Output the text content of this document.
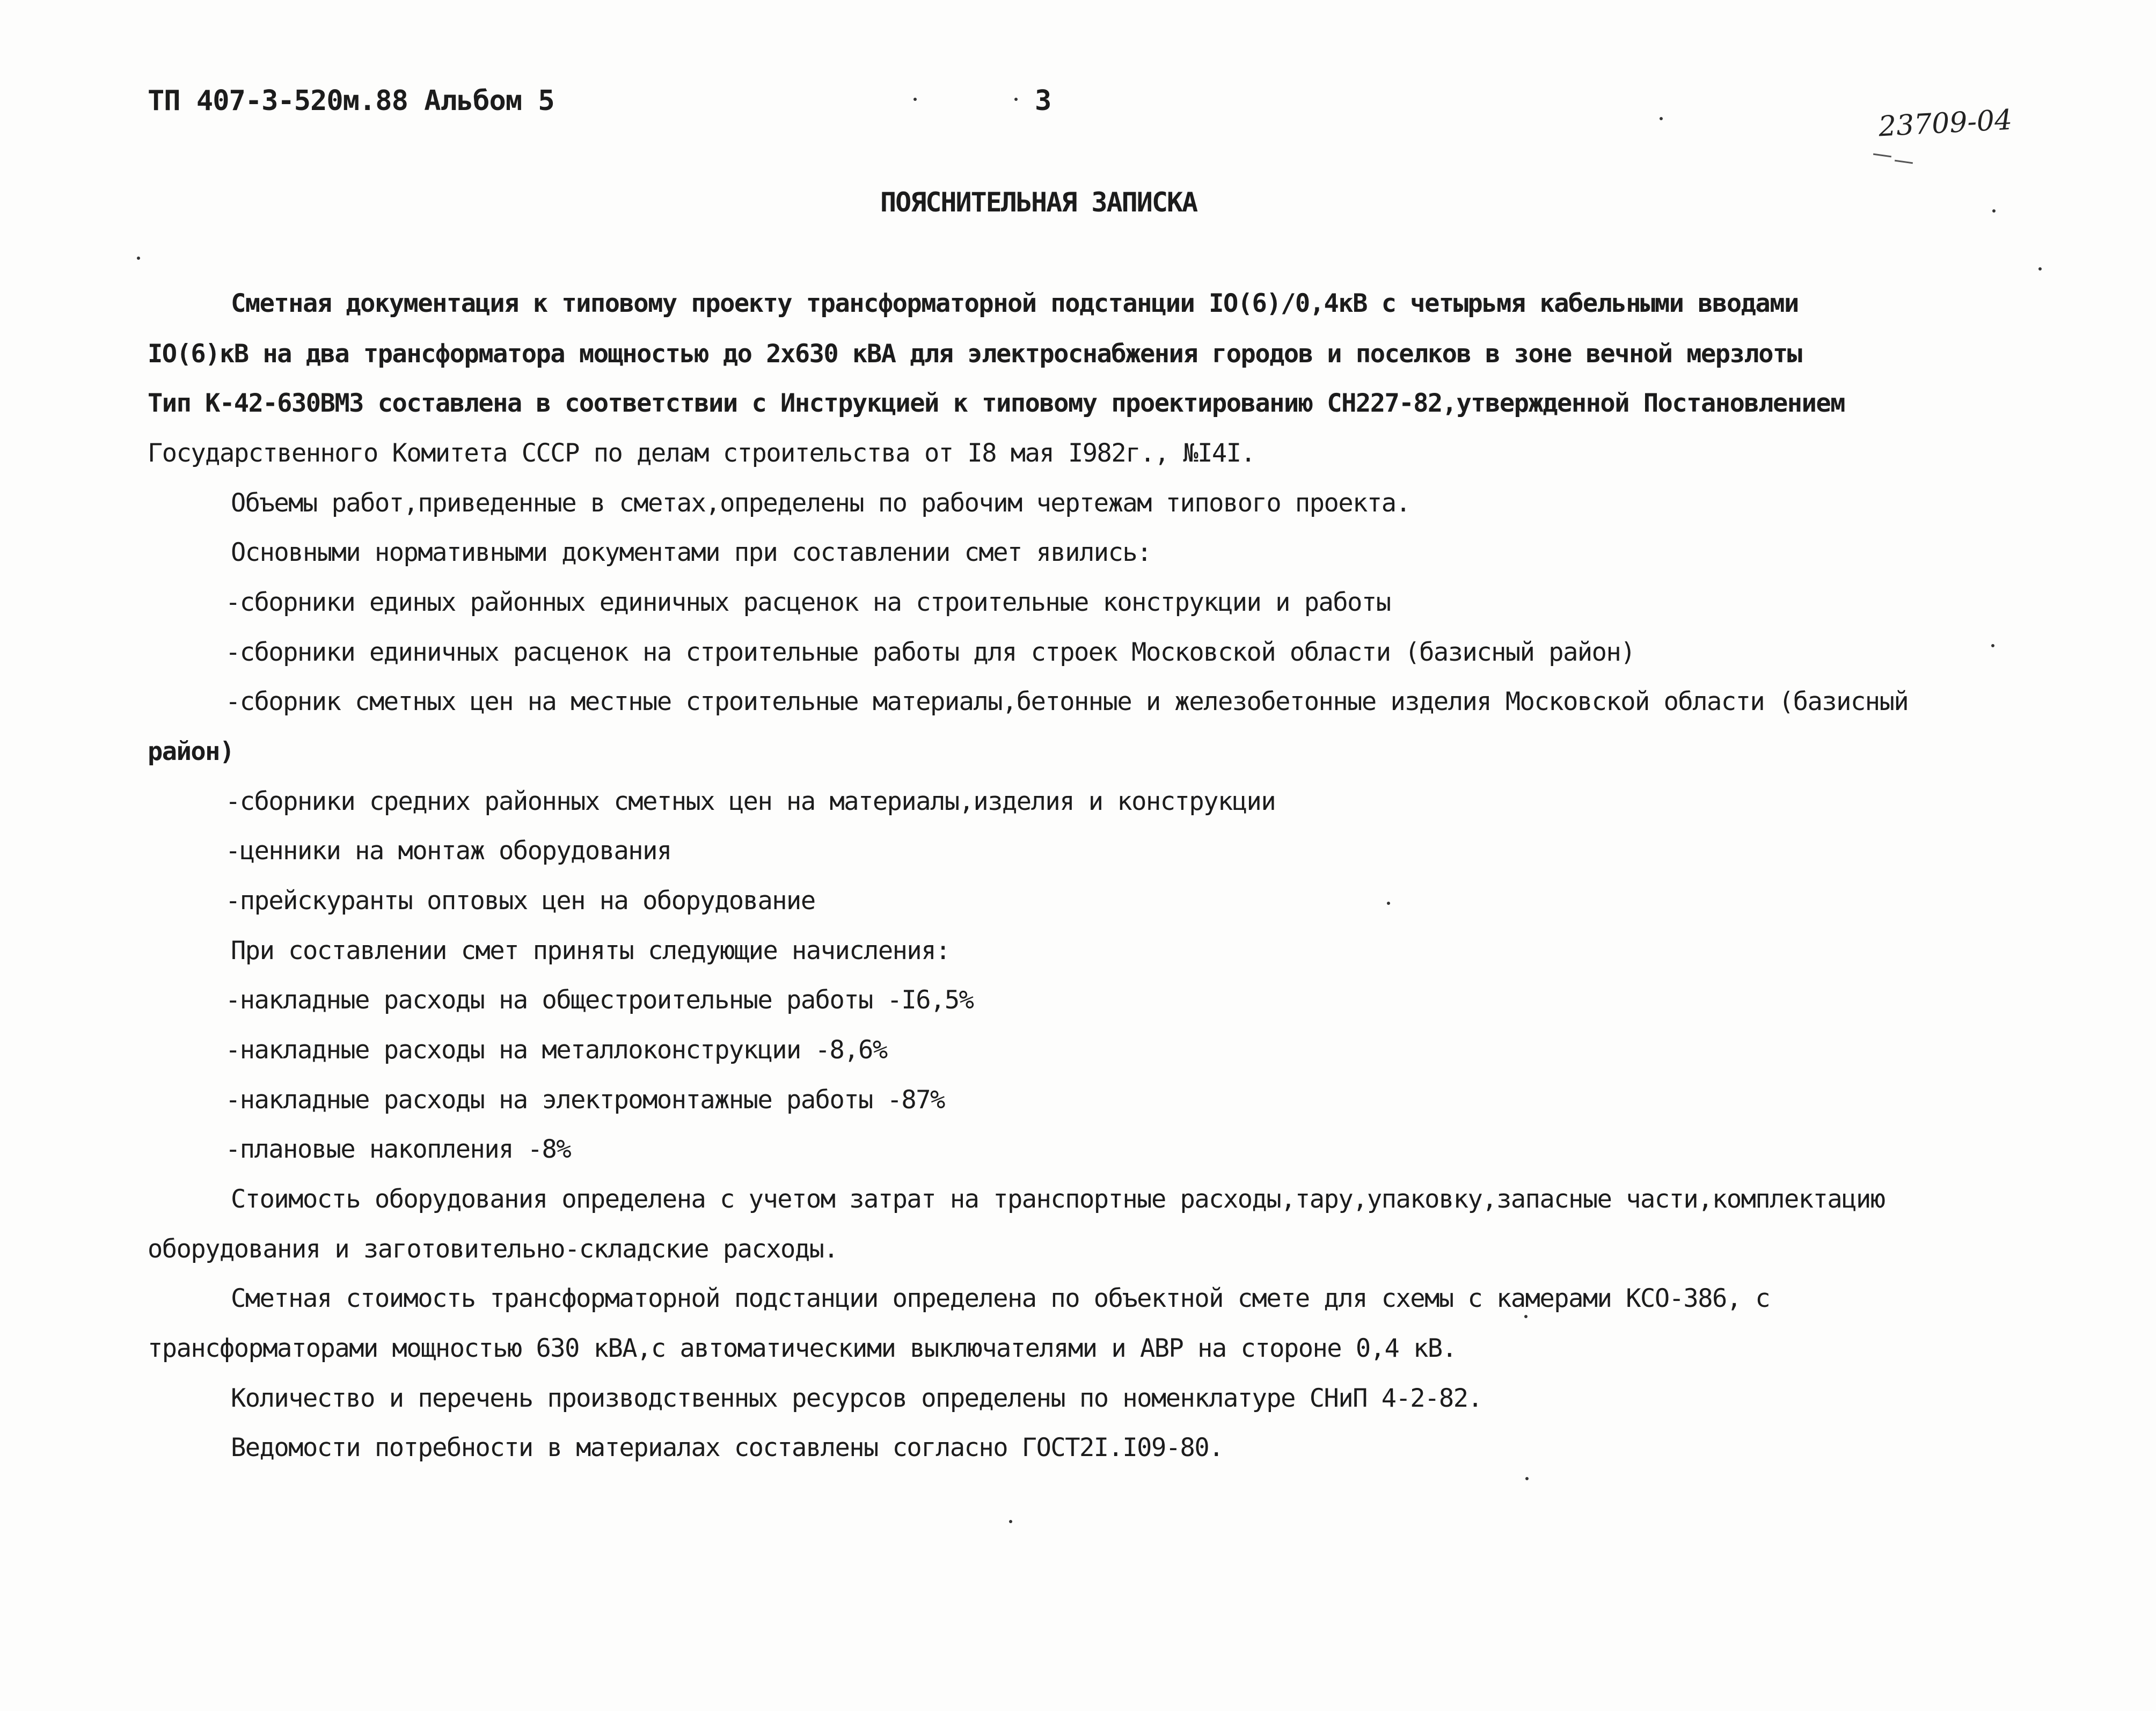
ТП 407-3-520м.88 Альбом 5	3
23709-04
ПОЯСНИТЕЛЬНАЯ ЗАПИСКА
Сметная документация к типовому проекту трансформаторной подстанции IO(6)/0,4кВ с четырьмя кабельными вводами
IO(6)кВ на два трансформатора мощностью до 2х630 кВА для электроснабжения городов и поселков в зоне вечной мерзлоты
Тип К-42-630ВМЗ составлена в соответствии с Инструкцией к типовому проектированию СН227-82,утвержденной Постановлением
Государственного Комитета СССР по делам строительства от I8 мая I982г., №I4I.
Объемы работ,приведенные в сметах,определены по рабочим чертежам типового проекта.
Основными нормативными документами при составлении смет явились:
-сборники единых районных единичных расценок на строительные конструкции и работы
-сборники единичных расценок на строительные работы для строек Московской области (базисный район)
-сборник сметных цен на местные строительные материалы,бетонные и железобетонные изделия Московской области (базисный
район)
-сборники средних районных сметных цен на материалы,изделия и конструкции
-ценники на монтаж оборудования
-прейскуранты оптовых цен на оборудование
При составлении смет приняты следующие начисления:
-накладные расходы на общестроительные работы -I6,5%
-накладные расходы на металлоконструкции -8,6%
-накладные расходы на электромонтажные работы -87%
-плановые накопления -8%
Стоимость оборудования определена с учетом затрат на транспортные расходы,тару,упаковку,запасные части,комплектацию
оборудования и заготовительно-складские расходы.
Сметная стоимость трансформаторной подстанции определена по объектной смете для схемы с камерами КСО-386, с
трансформаторами мощностью 630 кВА,с автоматическими выключателями и АВР на стороне 0,4 кВ.
Количество и перечень производственных ресурсов определены по номенклатуре СНиП 4-2-82.
Ведомости потребности в материалах составлены согласно ГОСТ2I.I09-80.
